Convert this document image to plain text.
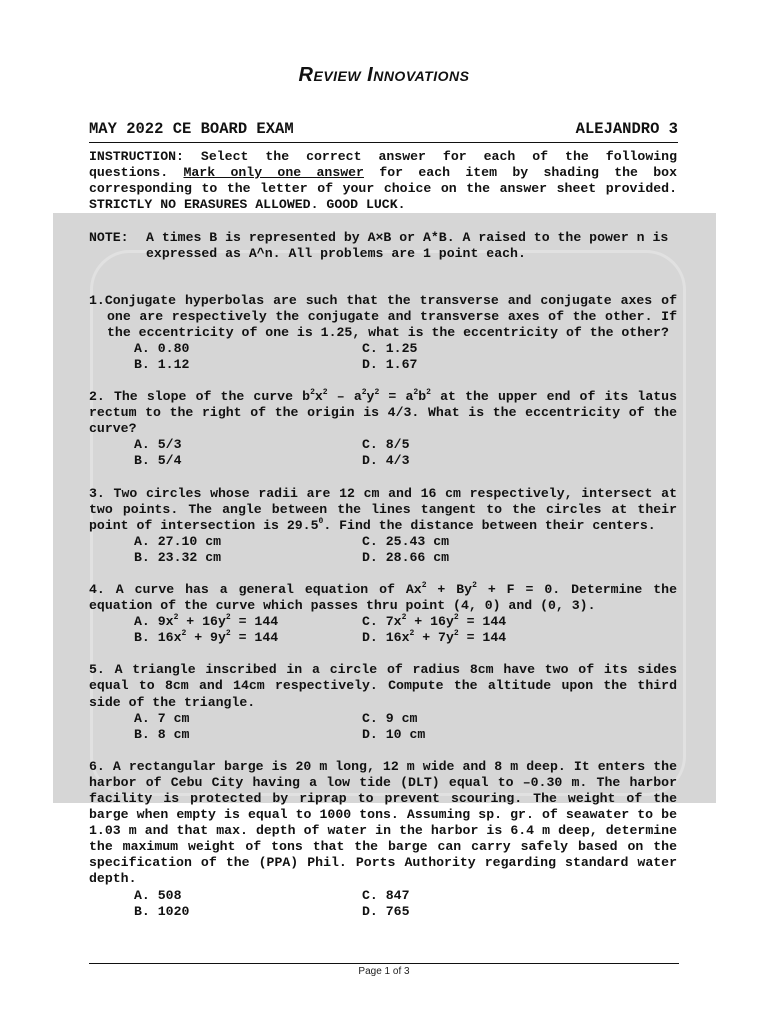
Review Innovations
MAY 2022 CE BOARD EXAM	ALEJANDRO 3
INSTRUCTION: Select the correct answer for each of the following questions. Mark only one answer for each item by shading the box corresponding to the letter of your choice on the answer sheet provided. STRICTLY NO ERASURES ALLOWED. GOOD LUCK.
NOTE:	A times B is represented by A×B or A*B. A raised to the power n is expressed as A^n. All problems are 1 point each.
1.Conjugate hyperbolas are such that the transverse and conjugate axes of one are respectively the conjugate and transverse axes of the other. If the eccentricity of one is 1.25, what is the eccentricity of the other?
A. 0.80	C. 1.25
B. 1.12	D. 1.67
2. The slope of the curve $b^2x^2 - a^2y^2 = a^2b^2$ at the upper end of its latus rectum to the right of the origin is 4/3. What is the eccentricity of the curve?
A. 5/3	C. 8/5
B. 5/4	D. 4/3
3. Two circles whose radii are 12 cm and 16 cm respectively, intersect at two points. The angle between the lines tangent to the circles at their point of intersection is 29.5$^0$. Find the distance between their centers.
A. 27.10 cm	C. 25.43 cm
B. 23.32 cm	D. 28.66 cm
4. A curve has a general equation of $Ax^2 + By^2 + F = 0$. Determine the equation of the curve which passes thru point (4, 0) and (0, 3).
A. $9x^2 + 16y^2 = 144$	C. $7x^2 + 16y^2 = 144$
B. $16x^2 + 9y^2 = 144$	D. $16x^2 + 7y^2 = 144$
5. A triangle inscribed in a circle of radius 8cm have two of its sides equal to 8cm and 14cm respectively. Compute the altitude upon the third side of the triangle.
A. 7 cm	C. 9 cm
B. 8 cm	D. 10 cm
6. A rectangular barge is 20 m long, 12 m wide and 8 m deep. It enters the harbor of Cebu City having a low tide (DLT) equal to –0.30 m. The harbor facility is protected by riprap to prevent scouring. The weight of the barge when empty is equal to 1000 tons. Assuming sp. gr. of seawater to be 1.03 m and that max. depth of water in the harbor is 6.4 m deep, determine the maximum weight of tons that the barge can carry safely based on the specification of the (PPA) Phil. Ports Authority regarding standard water depth.
A. 508	C. 847
B. 1020	D. 765
Page 1 of 3
